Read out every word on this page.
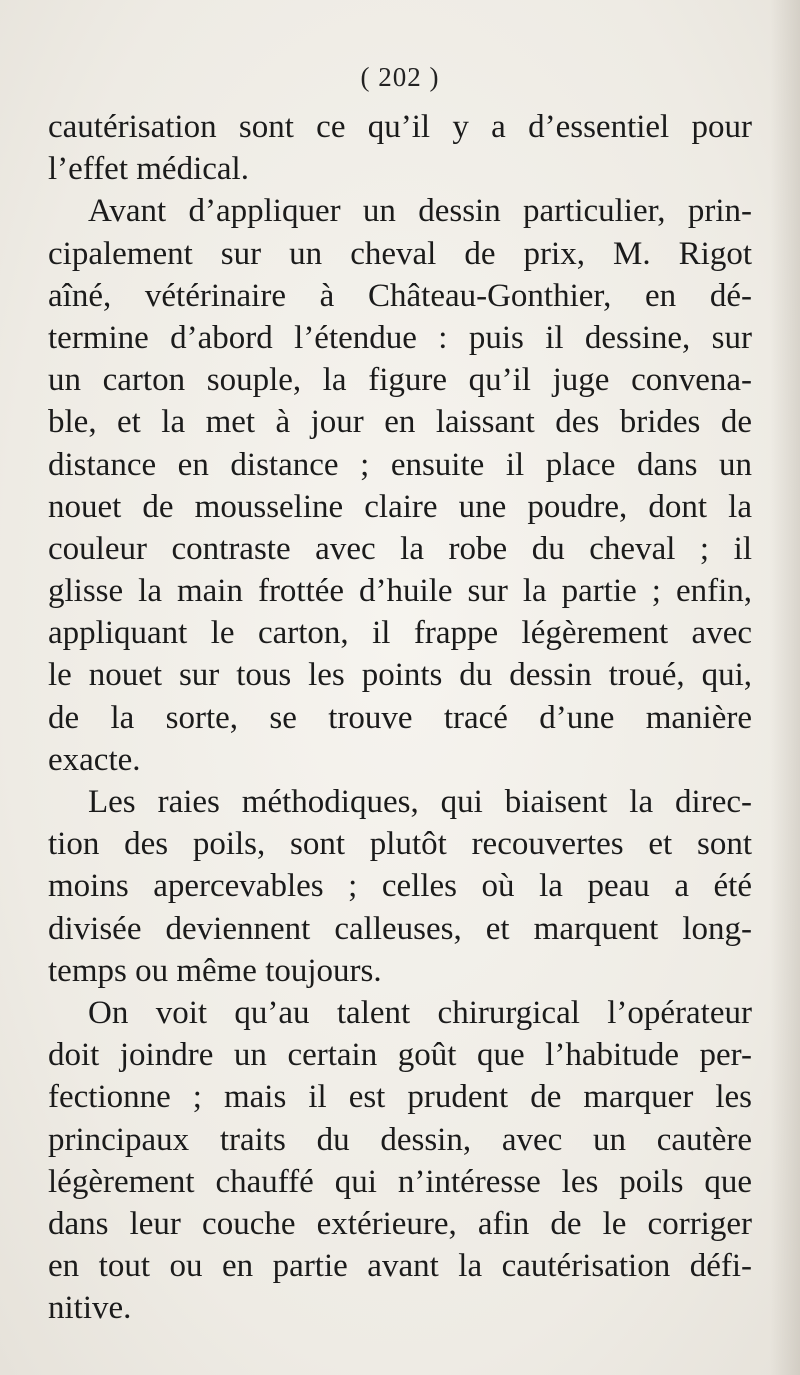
( 202 )
cautérisation sont ce qu’il y a d’essentiel pour
l’effet médical.
Avant d’appliquer un dessin particulier, prin-
cipalement sur un cheval de prix, M. Rigot
aîné, vétérinaire à Château-Gonthier, en dé-
termine d’abord l’étendue : puis il dessine, sur
un carton souple, la figure qu’il juge convena-
ble, et la met à jour en laissant des brides de
distance en distance ; ensuite il place dans un
nouet de mousseline claire une poudre, dont la
couleur contraste avec la robe du cheval ; il
glisse la main frottée d’huile sur la partie ; enfin,
appliquant le carton, il frappe légèrement avec
le nouet sur tous les points du dessin troué, qui,
de la sorte, se trouve tracé d’une manière
exacte.
Les raies méthodiques, qui biaisent la direc-
tion des poils, sont plutôt recouvertes et sont
moins apercevables ; celles où la peau a été
divisée deviennent calleuses, et marquent long-
temps ou même toujours.
On voit qu’au talent chirurgical l’opérateur
doit joindre un certain goût que l’habitude per-
fectionne ; mais il est prudent de marquer les
principaux traits du dessin, avec un cautère
légèrement chauffé qui n’intéresse les poils que
dans leur couche extérieure, afin de le corriger
en tout ou en partie avant la cautérisation défi-
nitive.
